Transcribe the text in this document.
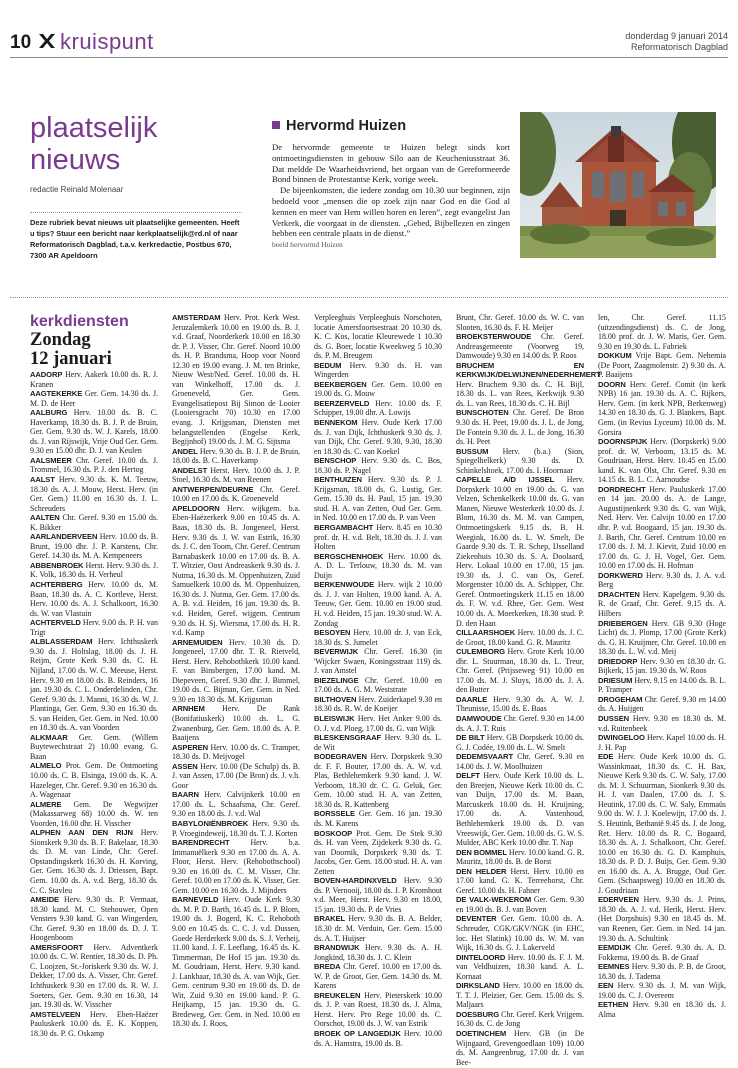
10 kruispunt	donderdag 9 januari 2014
Reformatorisch Dagblad
plaatselijk
nieuws
redactie Reinald Molenaar
Deze rubriek bevat nieuws uit plaatselijke gemeenten. Heeft u tips? Stuur een bericht naar kerkplaatselijk@rd.nl of naar Reformatorisch Dagblad, t.a.v. kerkredactie, Postbus 670, 7300 AR Apeldoorn
Hervormd Huizen

De hervormde gemeente te Huizen belegt sinds kort ontmoetingsdiensten in gebouw Silo aan de Keucheniusstraat 36. Dat meldde De Waarheidsvriend, het orgaan van de Gereformeerde Bond binnen de Protestantse Kerk, vorige week.

De bijeenkomsten, die iedere zondag om 10.30 uur beginnen, zijn bedoeld voor „mensen die op zoek zijn naar God en die God al kennen en meer van Hem willen horen en leren”, zegt evangelist Jan Verkerk, die voorgaat in de diensten. „Gebed, Bijbellezen en zingen hebben een centrale plaats in de dienst.”

beeld hervormd Huizen
kerkdiensten
Zondag
12 januari

AADORP Herv. Aakerk 10.00 ds. R. J. Kranen

AAGTEKERKE Ger. Gem. 14.30 ds. J. M. D. de Heer

AALBURG Herv. 10.00 ds. B. C. Haverkamp, 18.30 ds. B. J. P. de Bruin, Ger. Gem. 9.30 ds. W. J. Karels, 18.00 ds. J. van Rijswijk, Vrije Oud Ger. Gem. 9.30 en 15.00 dhr. D. J. van Keulen

AALSMEER Chr. Geref. 10.00 ds. J. Trommel, 16.30 ds. P. J. den Hertog

AALST Herv. 9.30 ds. K. M. Teeuw, 18.30 ds. A. J. Mouw, Herst. Herv. (in Ger. Gem.) 11.00 en 16.30 ds. J. L. Schreuders

AALTEN Chr. Geref. 9.30 en 15.00 ds. K. Bikker

AARLANDERVEEN Herv. 10.00 ds. B. Brunt, 19.00 dhr. J. P. Karstens, Chr. Geref. 14.30 ds. M. A. Kempeneers

ABBENBROEK Herst. Herv. 9.30 ds. J. K. Volk, 18.30 ds. H. Verheul

ACHTERBERG Herv. 10.00 ds. M. Baan, 18.30 ds. A. C. Kortleve, Herst. Herv. 10.00 ds. A. J. Schalkoort, 16.30 ds. W. van Vlastuin

ACHTERVELD Herv. 9.00 ds. P. H. van Trigt

ALBLASSERDAM Herv. Ichthuskerk 9.30 ds. J. Holtslag, 18.00 ds. J. H. Reijm, Grote Kerk 9.30 ds. C. H. Nijland, 17.00 ds. W. C. Meeuse, Herst. Herv. 9.30 en 18.00 ds. B. Reinders, 16 jan. 19.30 ds. C. L. Onderdelinden, Chr. Geref. 9.30 ds. J. Manni, 16.30 ds. W. J. Plantinga, Ger. Gem. 9.30 en 16.30 ds. S. van Heiden, Ger. Gem. in Ned. 10.00 en 18.30 ds. A. van Voorden

ALKMAAR Ger. Gem. (Willem Buytewechstraat 2) 10.00 evang. G. Baan

ALMELO Prot. Gem. De Ontmoeting 10.00 ds. C. B. Elsinga, 19.00 ds. K. A. Hazeleger, Chr. Geref. 9.30 en 16.30 ds. A. Wagenaar

ALMERE Gem. De Wegwijzer (Makassarweg 68) 10.00 ds. W. ten Voorden, 16.00 dhr. H. Visscher

ALPHEN AAN DEN RIJN Herv. Sionskerk 9.30 ds. B. F. Bakelaar, 18.30 ds. D. M. van Linde, Chr. Geref. Opstandingskerk 16.30 ds. H. Korving, Ger. Gem. 16.30 ds. J. Driessen, Bapt. Gem. 10.00 ds. A. v.d. Berg, 18.30 ds. C. C. Stavleu

AMEIDE Herv. 9.30 ds. P. Vermaat, 18.30 kand. M. C. Stehouwer, Open Vensters 9.30 kand. G. van Wingerden, Chr. Geref. 9.30 en 18.00 ds. D. J. T. Hoogenboom

AMERSFOORT Herv. Adventkerk 10.00 ds. C. W. Rentier, 18.30 ds. D. Ph. C. Loojzen, St.-Joriskerk 9.30 ds. W. J. Dekker, 17.00 ds. A. Visser, Chr. Geref. Ichthuskerk 9.30 en 17.00 ds. R. W. J. Soeters, Ger. Gem. 9.30 en 16.30, 14 jan. 19.30 ds. W. Visscher

AMSTELVEEN Herv. Eben-Haëzer Pauluskerk 10.00 ds. E. K. Koppen, 18.30 ds. P. G. Oskamp

AMSTERDAM Herv. Prot. Kerk West. Jeruzalemkerk 10.00 en 19.00 ds. B. J. v.d. Graaf, Noorderkerk 10.00 en 18.30 dr. P. J. Visser, Chr. Geref. Noord 10.00 ds. H. P. Brandsma, Hoop voor Noord 12.30 en 19.00 evang. J. M. ten Brinke, Nieuw West/Ned. Geref. 10.00 ds. H. van Winkelhoff, 17.00 ds. J. Groeneveld, Ger. Gem. Evangelisatiepost Bij Simon de Looier (Looiersgracht 70) 10.30 en 17.00 evang. J. Krijgsman, Diensten met belangstellenden (Engelse Kerk, Begijnhof) 19.00 ds. J. M. G. Sijtsma

ANDEL Herv. 9.30 ds. B. J. P. de Bruin, 18.00 ds. B. C. Haverkamp

ANDELST Herst. Herv. 10.00 ds. J. P. Stoel, 16.30 ds. M. van Reenen

ANTWERPEN/DEURNE Chr. Geref. 10.00 en 17.00 ds. K. Groeneveld

APELDOORN Herv. wijkgem. b.a. Eben-Haëzerkerk 9.00 en 10.45 ds. A. Baas, 18.30 ds. B. Jongeneel, Herst. Herv. 9.30 ds. J. W. van Estrik, 16.30 ds. J. C. den Toom, Chr. Geref. Centrum Barnabaskerk 10.00 en 17.00 ds. B. A. T. Witzier, Oost Andreaskerk 9.30 ds. J. Nutma, 16.30 ds. M. Oppenhuizen, Zuid Samuelkerk 10.00 ds. M. Oppenhuizen, 16.30 ds. J. Nutma, Ger. Gem. 17.00 ds. A. B. v.d. Heiden, 16 jan. 19.30 ds. B. v.d. Heiden, Geref. wijgem. Centrum 9.30 ds. H. Sj. Wiersma, 17.00 ds. H. R. v.d. Kamp

ARNEMUIDEN Herv. 10.30 ds. D. Jongeneel, 17.00 dhr. T. R. Rietveld, Herst. Herv. Rehobothkerk 10.00 kand. F. van Binsbergen, 17.00 kand. M. Diepeveen, Geref. 9.30 dhr. J. Bimmel, 19.00 ds. C. Bijman, Ger. Gem. in Ned. 9.30 en 18.30 ds. M. Krijgsman

ARNHEM Herv. De Rank (Bonifatiuskerk) 10.00 ds. L. G. Zwanenburg, Ger. Gem. 18.00 ds. A. P. Baaijens

ASPEREN Herv. 10.00 ds. C. Tramper, 18.30 ds. D. Meijvogel

ASSEN Herv. 10.00 (De Schulp) ds. B. J. van Assen, 17.00 (De Bron) ds. J. v.h. Goor

BAARN Herv. Calvijnkerk 10.00 en 17.00 ds. L. Schaafsma, Chr. Geref. 9.30 en 18.00 ds. J. v.d. Wal

BABYLONIËNBROEK Herv. 9.30 ds. P. Vroegindeweij, 18.30 ds. T. J. Korten

BARENDRECHT	Herv. b.a. Immanuëlkerk 9.30 en 17.00 ds. A. A. Floor, Herst. Herv. (Rehobothschool) 9.30 en 16.00 ds. C. M. Visser, Chr. Geref. 10.00 en 17.00 ds. K. Visser, Ger. Gem. 10.00 en 16.30 ds. J. Mijnders

BARNEVELD Herv. Oude Kerk 9.30 ds. M. P. D. Barth, 16.45 ds. L. P. Blom, 19.00 ds. J. Bogerd, K. C. Rehoboth 9.00 en 10.45 ds. C. C. J. v.d. Dussen, Goede Herderkerk 9.00 ds. S. J. Verheij, 11.00 kand. J. F. Leeflang, 16.45 ds. K. Timmerman, De Hof 15 jan. 19.30 ds. M. Goudriaan, Herst. Herv. 9.30 kand. J. Lankhaar, 18.30 ds. A. van Wijk, Ger. Gem. centrum 9.30 en 19.00 ds. D. de Wit, Zuid 9.30 en 19.00 kand. P. G. Heijkamp, 15 jan. 19.30 ds. G. Bredeweg, Ger. Gem. in Ned. 10.00 en 18.30 ds. J. Roos,

Verpleeghuis Verpleeghuis Norschoten, locatie Amersfoortsestraat 20 10.30 ds. K. C. Kos, locatie Kleurewede 1 10.30 ds. G. Boer, locatie Kweekweg 5 10.30 ds. P. M. Breugem

BEDUM Herv. 9.30 ds. H. van Wingerden

BEEKBERGEN Ger. Gem. 10.00 en 19.00 ds. G. Mouw

BEERZERVELD Herv. 10.00 ds. F. Schipper, 19.00 dhr. A. Lowijs

BENNEKOM Herv. Oude Kerk 17.00 ds. J. van Dijk, Ichthuskerk 9.30 ds. J. van Dijk, Chr. Geref. 9.30, 9.30, 18.30 en 18.30 ds. C. van Koekel

BENSCHOP Herv. 9.30 ds. C. Bos, 18.30 ds. P. Nagel

BENTHUIZEN Herv. 9.30 ds. P. J. Krijgsman, 18.00 ds. G. Lustig, Ger. Gem. 15.30 ds. H. Paul, 15 jan. 19.30 stud. H. A. van Zetten, Oud Ger. Gem. in Ned. 10.00 en 17.00 ds. P. van Veen

BERGAMBACHT Herv. 8.45 en 10.30 prof. dr. H. v.d. Belt, 18.30 ds. J. J. van Holten

BERGSCHENHOEK Herv. 10.00 ds. A. D. L. Terlouw, 18.30 ds. M. van Duijn

BERKENWOUDE Herv. wijk 2 10.00 ds. J. J. van Holten, 19.00 kand. A. A. Teeuw, Ger. Gem. 10.00 en 19.00 stud. H. v.d. Heiden, 15 jan. 19.30 stud. W. A. Zondag

BESOYEN Herv. 10.00 dr. J. van Eck, 18.30 ds. S. Jumelet

BEVERWIJK Chr. Geref. 16.30 (in 'Wijcker Swaen, Koningsstraat 119) ds. J. van Amstel

BIEZELINGE Chr. Geref. 10.00 en 17.00 ds. A. G. M. Weststrate

BILTHOVEN Herv. Zuiderkapel 9.30 en 18.30 ds. R. W. de Koeijer

BLEISWIJK Herv. Het Anker 9.00 ds. O. J. v.d. Ploeg, 17.00 ds. G. van Wijk

BLESKENSGRAAF Herv. 9.30 ds. L. de Wit

BODEGRAVEN Herv. Dorpskerk 9.30 dr. F. F. Bouter, 17.00 ds. A. W. v.d. Plas, Bethlehemkerk 9.30 kand. J. W. Verboom, 18.30 dr. C. G. Geluk, Ger. Gem. 10.00 stud. H. A. van Zetten, 18.30 ds. R. Kattenberg

BORSSELE Ger. Gem. 16 jan. 19.30 ds. M. Karens

BOSKOOP Prot. Gem. De Stek 9.30 ds. H. van Veen, Zijdekerk 9.30 ds. G. van Doornik, Dorpskerk 9.30 ds. T. Jacobs, Ger. Gem. 18.00 stud. H. A. van Zetten

BOVEN-HARDINXVELD Herv. 9.30 ds. P. Vernooij, 18.00 ds. J. P. Kromhout v.d. Meer, Herst. Herv. 9.30 en 18.00, 15 jan. 19.30 ds. P. de Vries

BRAKEL Herv. 9.30 ds. B. A. Belder, 18.30 dr. M. Verduin, Ger. Gem. 15.00 ds. A. T. Huijser

BRANDWIJK Herv. 9.30 ds. A. H. Jongkind, 18.30 ds. J. C. Klein

BREDA Chr. Geref. 10.00 en 17.00 ds. W. P. de Groot, Ger. Gem. 14.30 ds. M. Karens

BREUKELEN Herv. Pieterskerk 10.00 ds. J. P. van Roest, 18.30 ds. J. Alma, Herst. Herv. Pro Rege 10.00 ds. C. Oorschot, 19.00 ds. J. W. van Estrik

BROEK OP LANGEDIJK Herv. 10.00 ds. A. Hamstra, 19.00 ds. B.

Brunt, Chr. Geref. 10.00 ds. W. C. van Slooten, 16.30 ds. F. H. Meijer

BROEKSTERWOUDE Chr. Geref. Andreasgemeente (Voorweg 19, Damwoude) 9.30 en 14.00 ds. P. Roos

BRUCHEM EN KERKWIJK/DELWIJNEN/NEDERHEMERT Herv. Bruchem 9.30 ds. C. H. Bijl, 18.30 ds. L. van Rees, Kerkwijk 9.30 ds. L. van Rees, 18.30 ds. C. H. Bijl

BUNSCHOTEN Chr. Geref. De Bron 9.30 ds. H. Peet, 19.00 ds. J. L. de Jong, De Fontein 9.30 ds. J. L. de Jong, 16.30 ds. H. Peet

BUSSUM Herv. (b.a.) (Sion, Spiegelhelkerk) 9.30 ds. D. Schinkelshoek, 17.00 ds. I. Hoornaar

CAPELLE A/D IJSSEL Herv. Dorpskerk 10.00 en 19.00 ds. G. van Velzen, Schenkelkerk 10.00 ds. G. van Manen, Nieuwe Westerkerk 10.00 ds. J. Blom, 16.30 ds. M. M. van Campen, Ontmoetingskerk 9.15 ds. B. H. Weegink, 16.00 ds. L. W. Smelt, De Gaarde 9.30 ds. T. R. Schep, IJsselland Ziekenhuis 10.30 ds. S. A. Doolaard, Herv. Lokaal 10.00 en 17.00, 15 jan. 19.30 ds. J. C. van Os, Geref. Morgenster 10.00 ds. A. Schipper, Chr. Geref. Ontmoetingskerk 11.15 en 18.00 ds. F. W. v.d. Rhee, Ger. Gem. West 10.00 ds. A. Moerkerken, 18.30 stud. P. D. den Haan

CILLAARSHOEK Herv. 10.00 ds. J. C. de Groot, 18.00 kand. G. R. Mauritz

CULEMBORG Herv. Grote Kerk 10.00 dhr. L. Stuurman, 18.30 ds. L. Treur, Chr. Geref. (Prijsseweg 91) 10.00 en 17.00 ds. M. J. Sluys, 18.00 ds. J. A. den Butter

DAARLE Herv. 9.30 ds. A. W. J. Theunisse, 15.00 ds. E. Baas

DAMWOUDE Chr. Geref. 9.30 en 14.00 ds. A. J. T. Ruis

DE BILT Herv. GB Dorpskerk 10.00 ds. G. J. Codée, 19.00 ds. L. W. Smelt

DEDEMSVAART Chr. Geref. 9.30 en 14.00 ds. J. W. Moolhuizen

DELFT Herv. Oude Kerk 10.00 ds. L. den Breejen, Nieuwe Kerk 10.00 ds. C. van Duijn, 17.00 ds. M. Baan, Marcuskerk 10.00 ds. H. Kruijning, 17.00 ds. A. Vastenhoud, Bethlehemkerk 19.00 ds. D. van Vreeswijk, Ger. Gem. 10.00 ds. G. W. S. Mulder, ABC Kerk 10.00 dhr. T. Nap

DEN BOMMEL Herv. 10.00 kand. G. R. Mauritz, 18.00 ds. B. de Borst

DEN HELDER Herst. Herv. 10.00 en 17.00 kand. G. K. Terreehorst, Chr. Geref. 10.00 ds. H. Fahner

DE VALK-WEKEROM Ger. Gem. 9.30 en 19.00 ds. B. J. van Boven

DEVENTER Ger. Gem. 10.00 ds. A. Schreuder, CGK/GKV/NGK (in EHC, loc. Het Slatink) 10.00 ds. W. M. van Wijk, 16.30 ds. G. J. Lakerveld

DINTELOORD Herv. 10.00 ds. F. J. M. van Veldhuizen, 18.30 kand. A. L. Kornaat

DIRKSLAND Herv. 10.00 en 18.00 ds. T. T. J. Pleizier, Ger. Gem. 15.00 ds. S. Maljaars

DOESBURG Chr. Geref. Kerk Vrijgem. 16.30 ds. C. de Jong

DOETINCHEM Herv. GB (in De Wijngaard, Grevengoedlaan 109) 10.00 ds. M. Aangeenbrug, 17.00 dr. J. van Bee-

len, Chr. Geref. 11.15 (uitzendingsdienst) ds. C. de Jong, 18.00 prof. dr. J. W. Maris, Ger. Gem. 9.30 en 19.30 ds. L. Fabriek

DOKKUM Vrije Bapt. Gem. Nehemia (De Poort, Zaagmolenstr. 2) 9.30 ds. A. P. Baaijens

DOORN Herv. Geref. Comit (in kerk NPB) 16 jan. 19.30 ds. A. C. Rijkers, Herv. Gem. (in kerk NPB, Berkenweg) 14.30 en 18.30 ds. G. J. Blankers, Bapt. Gem. (in Revius Lyceum) 10.00 ds. M. Gorsira

DOORNSPIJK Herv. (Dorpskerk) 9.00 prof. dr. W. Verboom, 13.15 ds. M. Goudriaan, Herst. Herv. 10.45 en 15.00 kand. K. van Olst, Chr. Geref. 9.30 en 14.15 ds. B. L. C. Aarnoudse

DORDRECHT Herv. Pauluskerk 17.00 en 14 jan. 20.00 ds. A. de Lange, Augustijnenkerk 9.30 ds. G. van Wijk, Ned. Herv. Ver. Calvijn 10.00 en 17.00 dhr. P. v.d. Boogaard, 15 jan. 19.30 ds. J. Barth, Chr. Geref. Centrum 10.00 en 17.00 ds. J. M. J. Kievit, Zuid 10.00 en 17.00 ds. G. J. H. Vogel, Ger. Gem. 10.00 en 17.00 ds. H. Hofman

DORKWERD Herv. 9.30 ds. J. A. v.d. Berg

DRACHTEN Herv. Kapelgem. 9.30 ds. R. de Graaf, Chr. Geref. 9.15 ds. A. Hilbers

DRIEBERGEN Herv. GB 9.30 (Hoge Licht) ds. J. Plomp, 17.00 (Grote Kerk) ds. G. H. Kruijmer, Chr. Geref. 10.00 en 18.30 ds. L. W. v.d. Meij

DRIEDORP Herv. 9.30 en 18.30 dr. G. Bijkerk, 15 jan. 19.30 ds. W. Roos

DRIESUM Herv. 9.15 en 14.00 ds. B. L. P. Tramper

DROGEHAM Chr. Geref. 9.30 en 14.00 ds. A. Huijgen

DUSSEN Herv. 9.30 en 18.30 ds. M. v.d. Ruitenbeek

DWINGELOO Herv. Kapel 10.00 ds. H. J. H. Pap

EDE Herv. Oude Kerk 10.00 ds. G. Wassinkmaat, 18.30 ds. C. H. Bax, Nieuwe Kerk 9.30 ds. C. W. Saly, 17.00 ds. M. J. Schuurman, Sionkerk 9.30 ds. H. J. van Daalen, 17.00 ds. J. S. Heutink, 17.00 ds. C. W. Saly, Emmaüs 9.00 ds. W. J. J. Koelewijn, 17.00 ds. J. S. Heutink, Bethanië 9.45 ds. J. de Jong, Ret. Herv. 10.00 ds. R. C. Bogaard, 18.30 ds. A. J. Schalkoort, Chr. Geref. 10.00 en 16.30 ds. G. D. Kamphuis, 18.30 ds. P. D. J. Buijs, Ger. Gem. 9.30 en 16.00 ds. A. A. Brugge, Oud Ger. Gem. (Schaapsweg) 10.00 en 18.30 ds. J. Goudriaan

EDERVEEN Herv. 9.30 ds. J. Prins, 18.30 ds. A. J. v.d. Herik, Herst. Herv. (Het Dorpshuis) 9.30 en 18.45 ds. M. van Reenen, Ger. Gem. in Ned. 14 jan. 19.30 ds. A. Schultink

EEMDIJK Chr. Geref. 9.30 ds. A. D. Fokkema, 19.00 ds. B. de Graaf

EEMNES Herv. 9.30 ds. P. B. de Groot, 18.30 ds. J. Tadema

EEN Herv. 9.30 ds. J. M. van Wijk, 19.00 ds. C. J. Overeem

EETHEN Herv. 9.30 en 18.30 ds. J. Alma
